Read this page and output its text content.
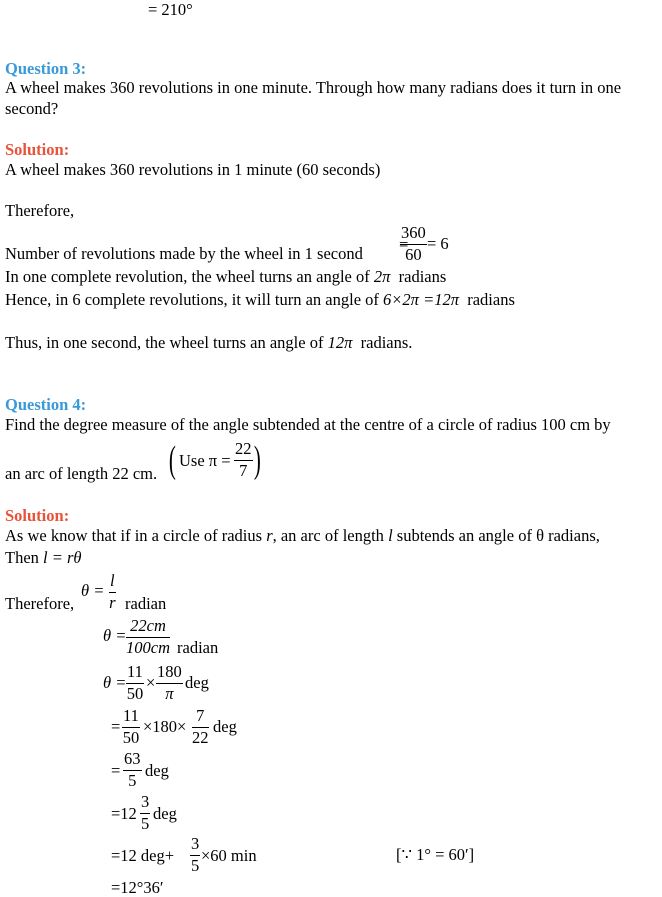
= 210°
Question 3:
A wheel makes 360 revolutions in one minute. Through how many radians does it turn in one
second?
Solution:
A wheel makes 360 revolutions in 1 minute (60 seconds)
Therefore,
=
360
60
= 6
Number of revolutions made by the wheel in 1 second
In one complete revolution, the wheel turns an angle of 2π radians
Hence, in 6 complete revolutions, it will turn an angle of 6×2π =12π radians
Thus, in one second, the wheel turns an angle of 12π radians.
Question 4:
Find the degree measure of the angle subtended at the centre of a circle of radius 100 cm by
( Use π =
22
7 )
an arc of length 22 cm.
Solution:
As we know that if in a circle of radius r, an arc of length l subtends an angle of θ radians,
Then l = rθ
θ =
l
r
Therefore,	radian
θ =
22cm
100cm radian
θ =
11
50
×
180
π
deg
=
11
50
×180×
7
22
deg
=
63
5 deg
=12
3
5 deg
=12 deg+
3
5 ×60 min	[∵ 1° = 60′]
=12°36′
